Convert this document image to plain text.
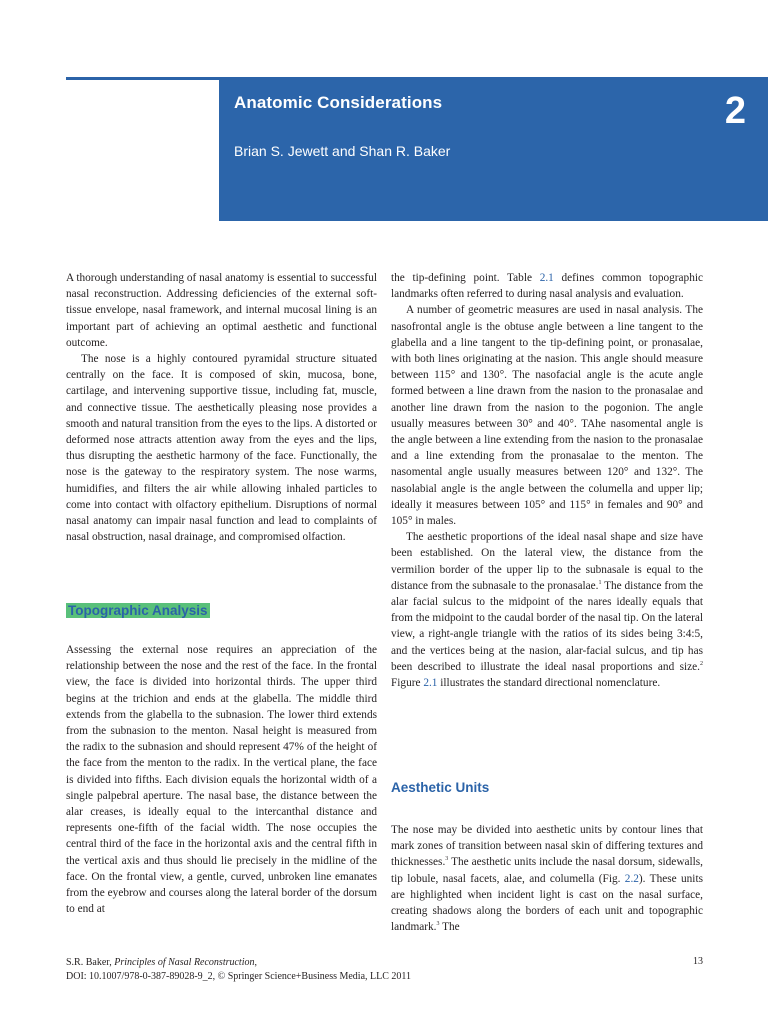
Anatomic Considerations
Brian S. Jewett and Shan R. Baker
2

A thorough understanding of nasal anatomy is essential to successful nasal reconstruction. Addressing deficiencies of the external soft-tissue envelope, nasal framework, and internal mucosal lining is an important part of achieving an optimal aesthetic and functional outcome.

The nose is a highly contoured pyramidal structure situated centrally on the face. It is composed of skin, mucosa, bone, cartilage, and intervening supportive tissue, including fat, muscle, and connective tissue. The aesthetically pleasing nose provides a smooth and natural transition from the eyes to the lips. A distorted or deformed nose attracts attention away from the eyes and the lips, thus disrupting the aesthetic harmony of the face. Functionally, the nose is the gateway to the respiratory system. The nose warms, humidifies, and filters the air while allowing inhaled particles to come into contact with olfactory epithelium. Disruptions of normal nasal anatomy can impair nasal function and lead to complaints of nasal obstruction, nasal drainage, and compromised olfaction.

Topographic Analysis

Assessing the external nose requires an appreciation of the relationship between the nose and the rest of the face. In the frontal view, the face is divided into horizontal thirds. The upper third begins at the trichion and ends at the glabella. The middle third extends from the glabella to the subnasion. The lower third extends from the subnasion to the menton. Nasal height is measured from the radix to the subnasion and should represent 47% of the height of the face from the menton to the radix. In the vertical plane, the face is divided into fifths. Each division equals the horizontal width of a single palpebral aperture. The nasal base, the distance between the alar creases, is ideally equal to the intercanthal distance and represents one-fifth of the facial width. The nose occupies the central third of the face in the horizontal axis and the central fifth in the vertical axis and thus should lie precisely in the midline of the face. On the frontal view, a gentle, curved, unbroken line emanates from the eyebrow and courses along the lateral border of the dorsum to end at

the tip-defining point. Table 2.1 defines common topographic landmarks often referred to during nasal analysis and evaluation.

A number of geometric measures are used in nasal analysis. The nasofrontal angle is the obtuse angle between a line tangent to the glabella and a line tangent to the tip-defining point, or pronasalae, with both lines originating at the nasion. This angle should measure between 115° and 130°. The nasofacial angle is the acute angle formed between a line drawn from the nasion to the pronasalae and another line drawn from the nasion to the pogonion. The angle usually measures between 30° and 40°. TAhe nasomental angle is the angle between a line extending from the nasion to the pronasalae and a line extending from the pronasalae to the menton. The nasomental angle usually measures between 120° and 132°. The nasolabial angle is the angle between the columella and upper lip; ideally it measures between 105° and 115° in females and 90° and 105° in males.

The aesthetic proportions of the ideal nasal shape and size have been established. On the lateral view, the distance from the vermilion border of the upper lip to the subnasale is equal to the distance from the subnasale to the pronasalae.$^1$ The distance from the alar facial sulcus to the midpoint of the nares ideally equals that from the midpoint to the caudal border of the nasal tip. On the lateral view, a right-angle triangle with the ratios of its sides being 3:4:5, and the vertices being at the nasion, alar-facial sulcus, and tip has been described to illustrate the ideal nasal proportions and size.$^2$ Figure 2.1 illustrates the standard directional nomenclature.

Aesthetic Units

The nose may be divided into aesthetic units by contour lines that mark zones of transition between nasal skin of differing textures and thicknesses.$^3$ The aesthetic units include the nasal dorsum, sidewalls, tip lobule, nasal facets, alae, and columella (Fig. 2.2). These units are highlighted when incident light is cast on the nasal surface, creating shadows along the borders of each unit and topographic landmark.$^3$ The

S.R. Baker, Principles of Nasal Reconstruction,
DOI: 10.1007/978-0-387-89028-9_2, © Springer Science+Business Media, LLC 2011
13
